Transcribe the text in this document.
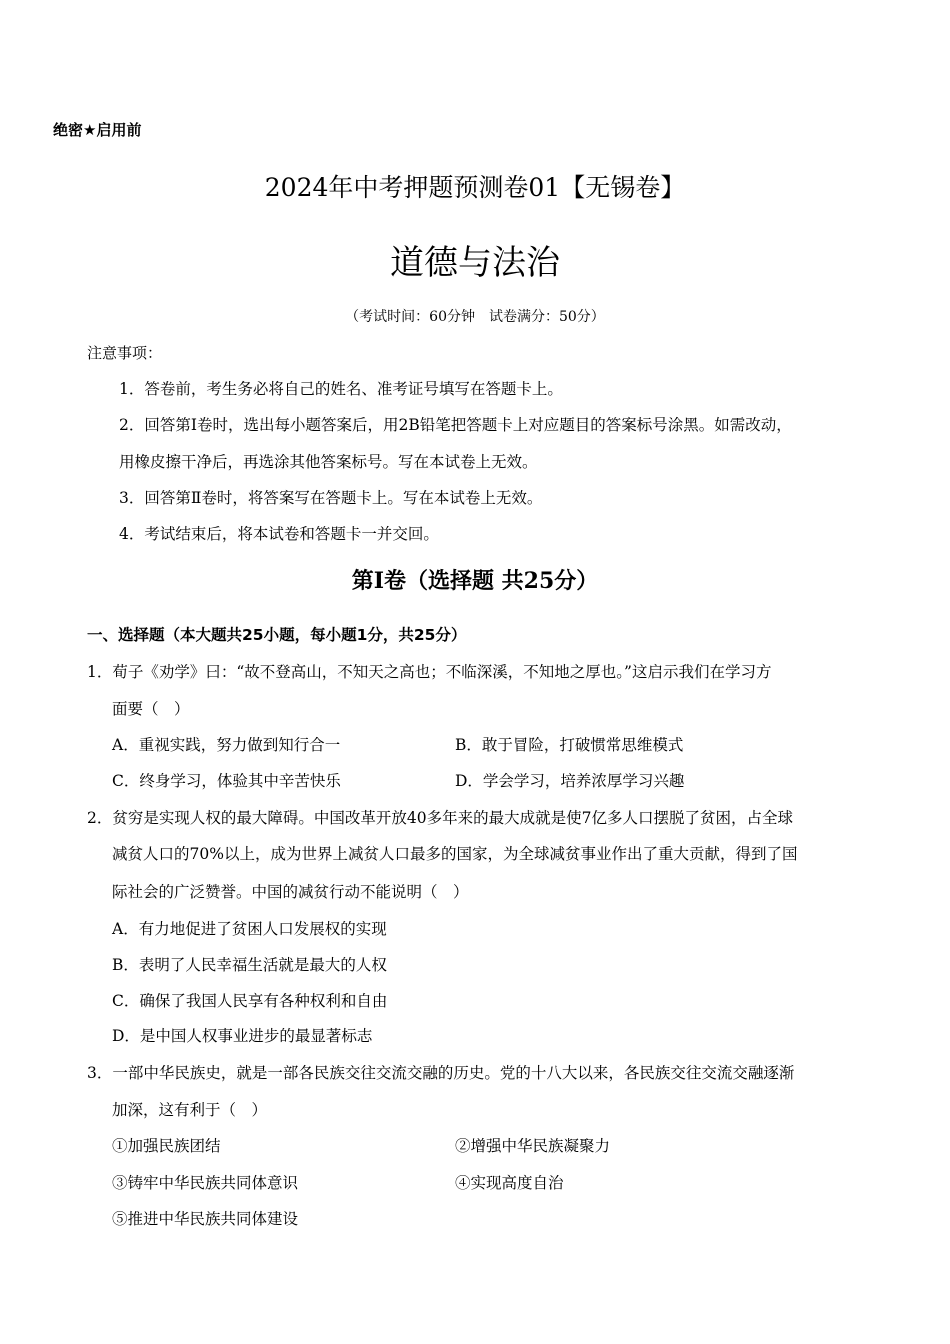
绝密★启用前
2024年中考押题预测卷01【无锡卷】
道德与法治
（考试时间：60分钟　试卷满分：50分）
注意事项：
1．答卷前，考生务必将自己的姓名、准考证号填写在答题卡上。
2．回答第Ⅰ卷时，选出每小题答案后，用2B铅笔把答题卡上对应题目的答案标号涂黑。如需改动，
用橡皮擦干净后，再选涂其他答案标号。写在本试卷上无效。
3．回答第Ⅱ卷时，将答案写在答题卡上。写在本试卷上无效。
4．考试结束后，将本试卷和答题卡一并交回。
第Ⅰ卷（选择题 共25分）
一、选择题（本大题共25小题，每小题1分，共25分）
1．荀子《劝学》曰：“故不登高山，不知天之高也；不临深溪，不知地之厚也。”这启示我们在学习方
面要（　）
A．重视实践，努力做到知行合一	B．敢于冒险，打破惯常思维模式
C．终身学习，体验其中辛苦快乐	D．学会学习，培养浓厚学习兴趣
2．贫穷是实现人权的最大障碍。中国改革开放40多年来的最大成就是使7亿多人口摆脱了贫困，占全球
减贫人口的70%以上，成为世界上减贫人口最多的国家，为全球减贫事业作出了重大贡献，得到了国
际社会的广泛赞誉。中国的减贫行动不能说明（　）
A．有力地促进了贫困人口发展权的实现
B．表明了人民幸福生活就是最大的人权
C．确保了我国人民享有各种权利和自由
D．是中国人权事业进步的最显著标志
3．一部中华民族史，就是一部各民族交往交流交融的历史。党的十八大以来，各民族交往交流交融逐渐
加深，这有利于（　）
①加强民族团结	②增强中华民族凝聚力
③铸牢中华民族共同体意识	④实现高度自治
⑤推进中华民族共同体建设
